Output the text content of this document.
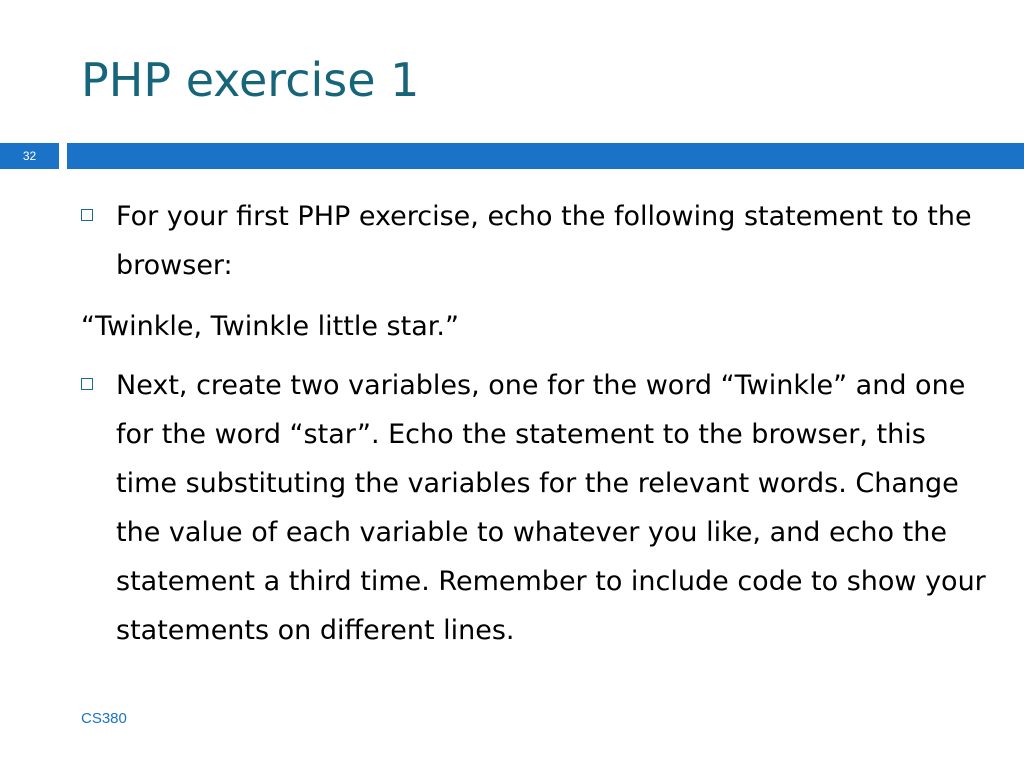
PHP exercise 1
32

For your first PHP exercise, echo the following statement to the browser:

“Twinkle, Twinkle little star.”

Next, create two variables, one for the word “Twinkle” and one for the word “star”. Echo the statement to the browser, this time substituting the variables for the relevant words. Change the value of each variable to whatever you like, and echo the statement a third time. Remember to include code to show your statements on different lines.

CS380
